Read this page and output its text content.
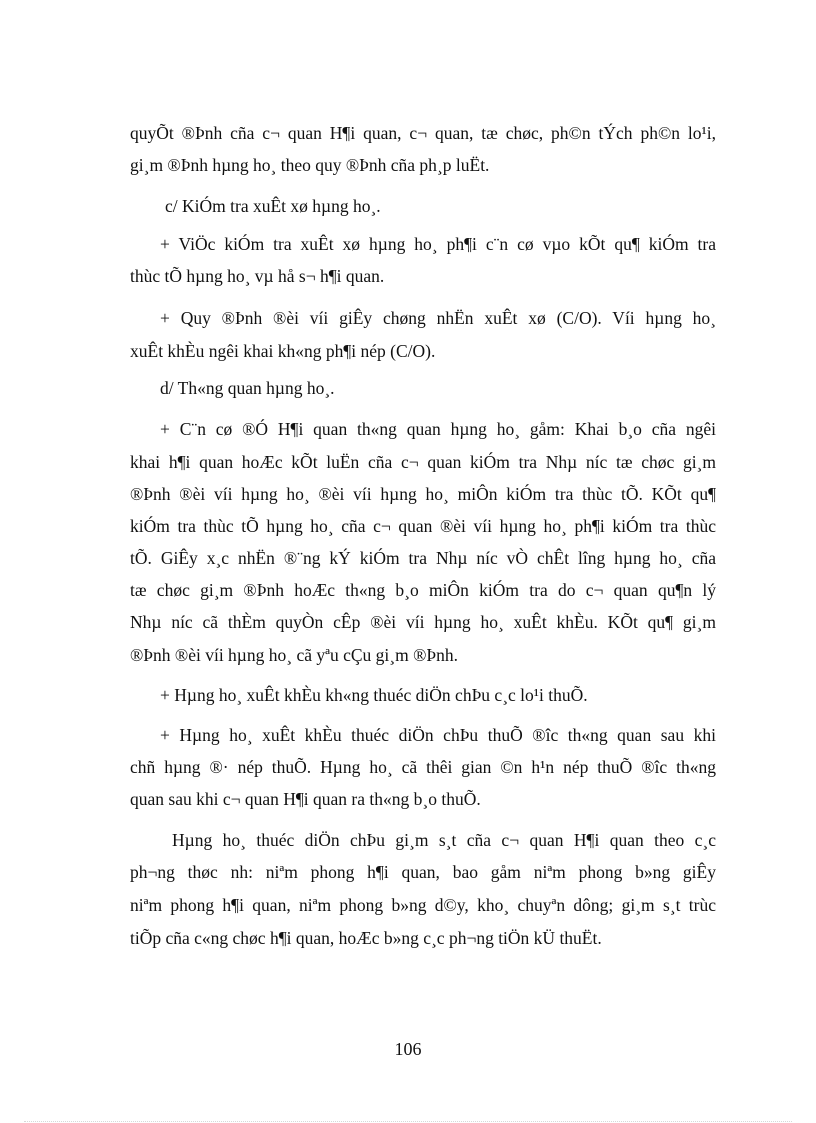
quyÕt ®Þnh cña c¬ quan H¶i quan, c¬ quan, tæ chøc, ph©n tÝch ph©n lo¹i,
gi¸m ®Þnh hµng ho¸ theo quy ®Þnh cña ph¸p luËt.
c/ KiÓm tra xuÊt xø hµng ho¸.
+ ViÖc kiÓm tra xuÊt xø hµng ho¸ ph¶i c¨n cø vµo kÕt qu¶ kiÓm tra
thùc tÕ hµng ho¸ vµ hå s¬ h¶i quan.
+ Quy ®Þnh ®èi víi giÊy chøng nhËn xuÊt xø (C/O). Víi hµng ho¸
xuÊt khÈu ngêi khai kh«ng ph¶i nép (C/O).
d/ Th«ng quan hµng ho¸.
+ C¨n cø ®Ó H¶i quan th«ng quan hµng ho¸ gåm: Khai b¸o cña ngêi
khai h¶i quan hoÆc kÕt luËn cña c¬ quan kiÓm tra Nhµ níc tæ chøc gi¸m
®Þnh ®èi víi hµng ho¸ ®èi víi hµng ho¸ miÔn kiÓm tra thùc tÕ. KÕt qu¶
kiÓm tra thùc tÕ hµng ho¸ cña c¬ quan ®èi víi hµng ho¸ ph¶i kiÓm tra thùc
tÕ. GiÊy x¸c nhËn ®¨ng kÝ kiÓm tra Nhµ níc vÒ chÊt lîng hµng ho¸ cña
tæ chøc gi¸m ®Þnh hoÆc th«ng b¸o miÔn kiÓm tra do c¬ quan qu¶n lý
Nhµ níc cã thÈm quyÒn cÊp ®èi víi hµng ho¸ xuÊt khÈu. KÕt qu¶ gi¸m
®Þnh ®èi víi hµng ho¸ cã yªu cÇu gi¸m ®Þnh.
+ Hµng ho¸ xuÊt khÈu kh«ng thuéc diÖn chÞu c¸c lo¹i thuÕ.
+ Hµng ho¸ xuÊt khÈu thuéc diÖn chÞu thuÕ ®îc th«ng quan sau khi
chñ hµng ®· nép thuÕ. Hµng ho¸ cã thêi gian ©n h¹n nép thuÕ ®îc th«ng
quan sau khi c¬ quan H¶i quan ra th«ng b¸o thuÕ.
Hµng ho¸ thuéc diÖn chÞu gi¸m s¸t cña c¬ quan H¶i quan theo c¸c
ph¬ng thøc nh: niªm phong h¶i quan, bao gåm niªm phong b»ng giÊy
niªm phong h¶i quan, niªm phong b»ng d©y, kho¸ chuyªn dông; gi¸m s¸t trùc
tiÕp cña c«ng chøc h¶i quan, hoÆc b»ng c¸c ph¬ng tiÖn kÜ thuËt.
106
